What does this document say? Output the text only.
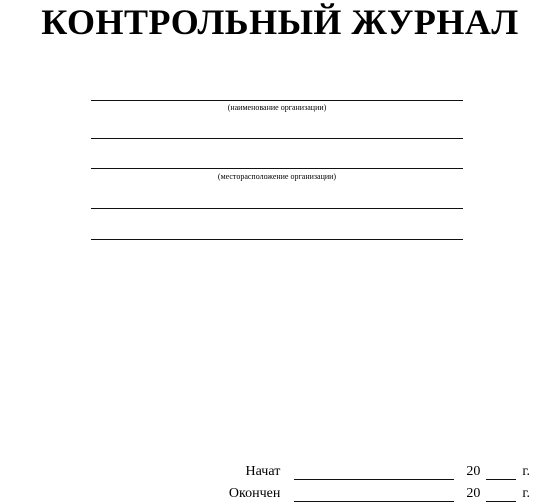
КОНТРОЛЬНЫЙ ЖУРНАЛ
(наименование организации)
(месторасположение организации)
Начат	20	г.
Окончен	20	г.
